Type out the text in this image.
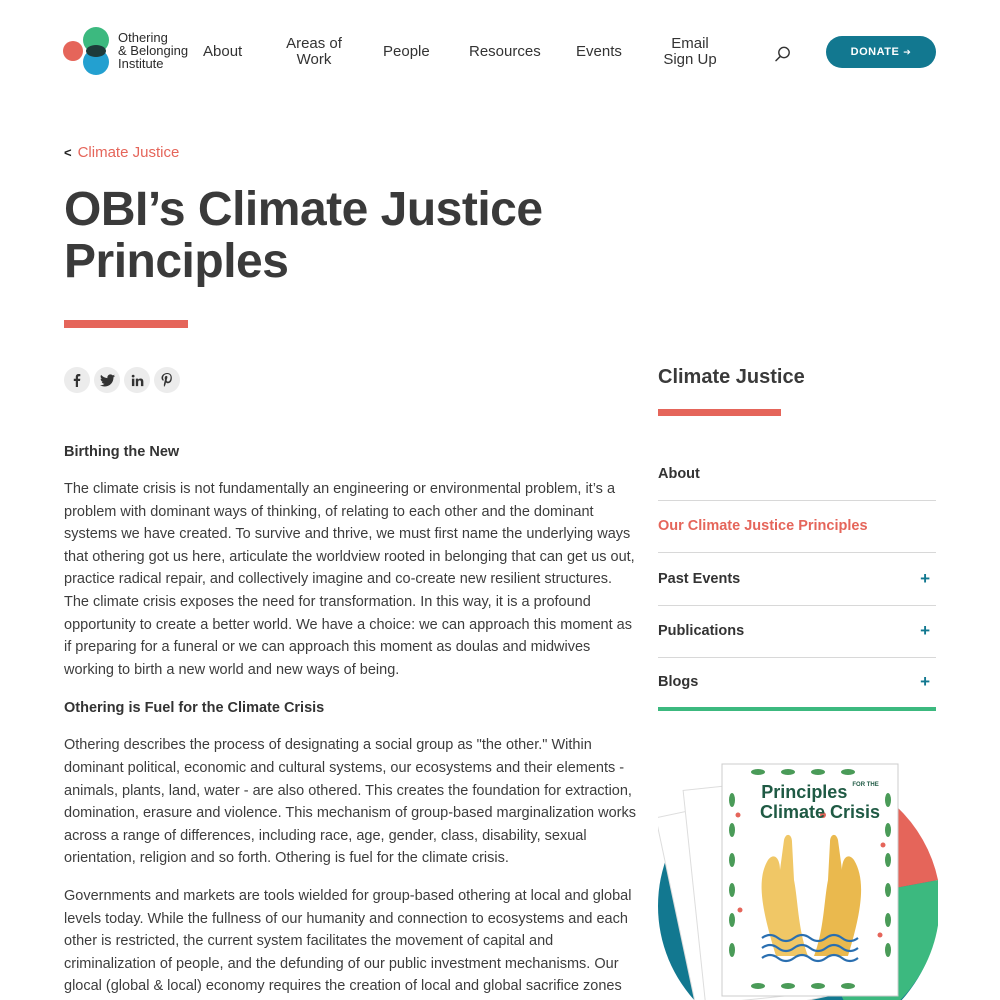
Othering
& Belonging
Institute
About	Areas of Work	People	Resources Events	Email Sign Up	DONATE ➔
< Climate Justice
OBI’s Climate Justice Principles
Birthing the New

The climate crisis is not fundamentally an engineering or environmental problem, it’s a problem with dominant ways of thinking, of relating to each other and the dominant systems we have created. To survive and thrive, we must first name the underlying ways that othering got us here, articulate the worldview rooted in belonging that can get us out, practice radical repair, and collectively imagine and co-create new resilient structures. The climate crisis exposes the need for transformation. In this way, it is a profound opportunity to create a better world. We have a choice: we can approach this moment as if preparing for a funeral or we can approach this moment as doulas and midwives working to birth a new world and new ways of being.

Othering is Fuel for the Climate Crisis

Othering describes the process of designating a social group as "the other." Within dominant political, economic and cultural systems, our ecosystems and their elements - animals, plants, land, water - are also othered. This creates the foundation for extraction, domination, erasure and violence. This mechanism of group-based marginalization works across a range of differences, including race, age, gender, class, disability, sexual orientation, religion and so forth. Othering is fuel for the climate crisis.

Governments and markets are tools wielded for group-based othering at local and global levels today. While the fullness of our humanity and connection to ecosystems and each other is restricted, the current system facilitates the movement of capital and criminalization of people, and the defunding of our public investment mechanisms. Our glocal (global & local) economy requires the creation of local and global sacrifice zones

Climate Justice
About
Our Climate Justice Principles
Past Events	+
Publications	+
Blogs	+
Principles $^{FOR THE}$
Climate Crisis
